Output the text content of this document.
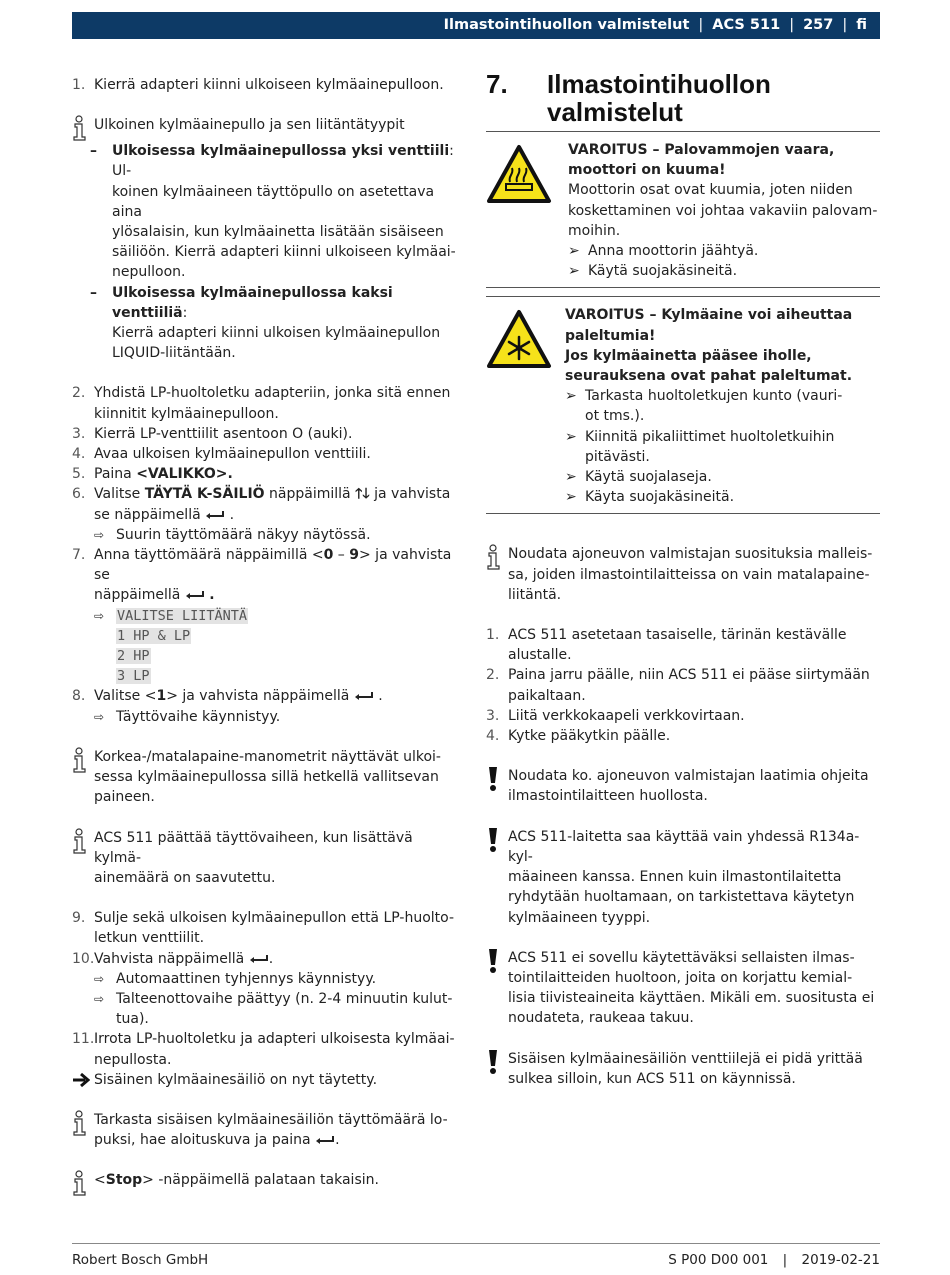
Ilmastointihuollon valmistelut | ACS 511 | 257 | fi
1. Kierrä adapteri kiinni ulkoiseen kylmäainepulloon.
Ulkoinen kylmäainepullo ja sen liitäntätyypit
–	Ulkoisessa kylmäainepullossa yksi venttiili: Ul-
koinen kylmäaineen täyttöpullo on asetettava aina
ylösalaisin, kun kylmäainetta lisätään sisäiseen
säiliöön. Kierrä adapteri kiinni ulkoiseen kylmäai-
nepulloon.
–	Ulkoisessa kylmäainepullossa kaksi venttiiliä:
Kierrä adapteri kiinni ulkoisen kylmäainepullon
LIQUID-liitäntään.
2. Yhdistä LP-huoltoletku adapteriin, jonka sitä ennen
kiinnitit kylmäainepulloon.
3. Kierrä LP-venttiilit asentoon O (auki).
4. Avaa ulkoisen kylmäainepullon venttiili.
5. Paina <VALIKKO>.
6. Valitse TÄYTÄ K-SÄILIÖ näppäimillä 🡑🡓 ja vahvista
se näppäimellä
.
⇨ Suurin täyttömäärä näkyy näytössä.
7. Anna täyttömäärä näppäimillä <0 – 9> ja vahvista se
näppäimellä
.
⇨ VALITSE LIITÄNTÄ
1 HP & LP
2 HP
3 LP
8. Valitse <1> ja vahvista näppäimellä
.
⇨ Täyttövaihe käynnistyy.
Korkea-/matalapaine-manometrit näyttävät ulkoi-
sessa kylmäainepullossa sillä hetkellä vallitsevan
paineen.
ACS 511 päättää täyttövaiheen, kun lisättävä kylmä-
ainemäärä on saavutettu.
9. Sulje sekä ulkoisen kylmäainepullon että LP-huolto-
letkun venttiilit.
10. Vahvista näppäimellä
.
⇨ Automaattinen tyhjennys käynnistyy.
⇨ Talteenottovaihe päättyy (n. 2-4 minuutin kulut-
tua).
11. Irrota LP-huoltoletku ja adapteri ulkoisesta kylmäai-
nepullosta.
Sisäinen kylmäainesäiliö on nyt täytetty.
Tarkasta sisäisen kylmäainesäiliön täyttömäärä lo-
puksi, hae aloituskuva ja paina
.
<Stop> -näppäimellä palataan takaisin.
7.	Ilmastointihuollon
valmistelut
VAROITUS – Palovammojen vaara,
moottori on kuuma!
Moottorin osat ovat kuumia, joten niiden
koskettaminen voi johtaa vakaviin palovam-
moihin.
➢ Anna moottorin jäähtyä.
➢ Käytä suojakäsineitä.
VAROITUS – Kylmäaine voi aiheuttaa
paleltumia!
Jos kylmäainetta pääsee iholle,
seurauksena ovat pahat paleltumat.
➢ Tarkasta huoltoletkujen kunto (vauri-
ot tms.).
➢ Kiinnitä pikaliittimet huoltoletkuihin
pitävästi.
➢ Käytä suojalaseja.
➢ Käyta suojakäsineitä.
Noudata ajoneuvon valmistajan suosituksia malleis-
sa, joiden ilmastointilaitteissa on vain matalapaine-
liitäntä.
1. ACS 511 asetetaan tasaiselle, tärinän kestävälle
alustalle.
2. Paina jarru päälle, niin ACS 511 ei pääse siirtymään
paikaltaan.
3. Liitä verkkokaapeli verkkovirtaan.
4. Kytke pääkytkin päälle.
Noudata ko. ajoneuvon valmistajan laatimia ohjeita
ilmastointilaitteen huollosta.
ACS 511-laitetta saa käyttää vain yhdessä R134a-kyl-
mäaineen kanssa. Ennen kuin ilmastontilaitetta
ryhdytään huoltamaan, on tarkistettava käytetyn
kylmäaineen tyyppi.
ACS 511 ei sovellu käytettäväksi sellaisten ilmas-
tointilaitteiden huoltoon, joita on korjattu kemial-
lisia tiivisteaineita käyttäen. Mikäli em. suositusta ei
noudateta, raukeaa takuu.
Sisäisen kylmäainesäiliön venttiilejä ei pidä yrittää
sulkea silloin, kun ACS 511 on käynnissä.
Robert Bosch GmbH	S P00 D00 001 | 2019-02-21
